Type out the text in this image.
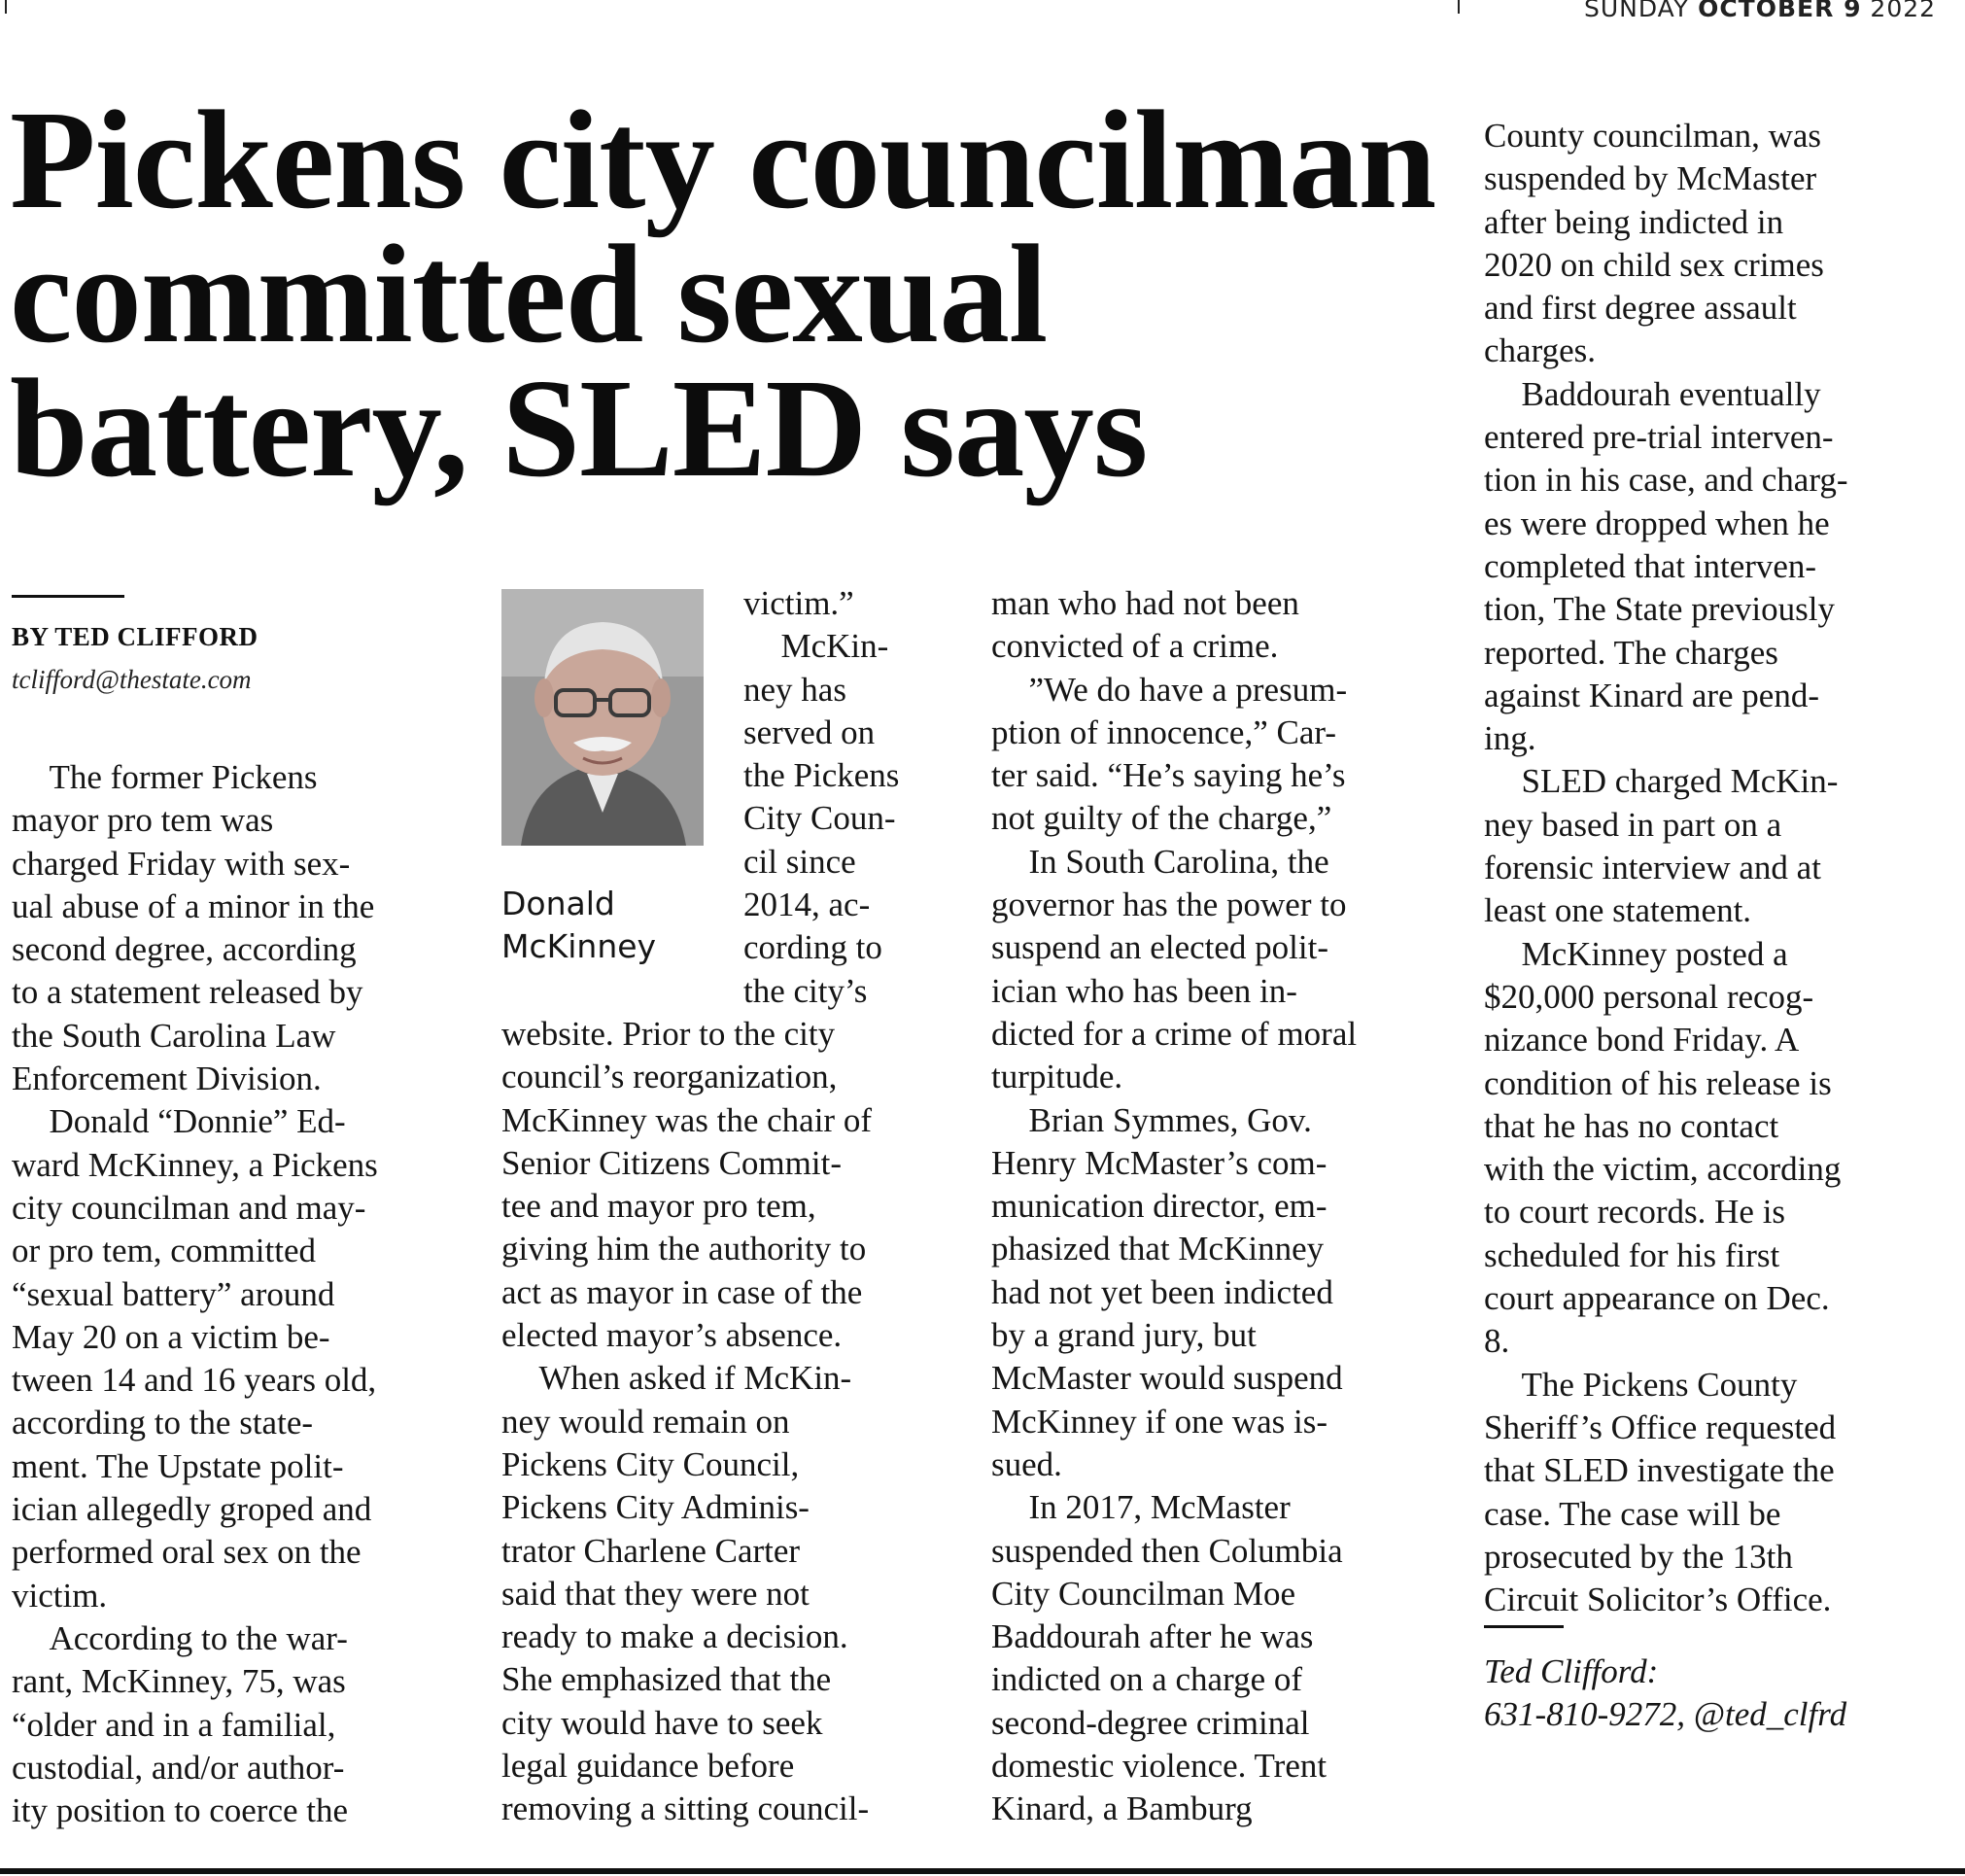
SUNDAY OCTOBER 9 2022
Pickens city councilman
committed sexual
battery, SLED says

BY TED CLIFFORD

tclifford@thestate.com

The former Pickens
mayor pro tem was
charged Friday with sex-
ual abuse of a minor in the
second degree, according
to a statement released by
the South Carolina Law
Enforcement Division.
Donald “Donnie” Ed-
ward McKinney, a Pickens
city councilman and may-
or pro tem, committed
“sexual battery” around
May 20 on a victim be-
tween 14 and 16 years old,
according to the state-
ment. The Upstate polit-
ician allegedly groped and
performed oral sex on the
victim.
According to the war-
rant, McKinney, 75, was
“older and in a familial,
custodial, and/or author-
ity position to coerce the
Donald
McKinney
victim.”
McKin-
ney has
served on
the Pickens
City Coun-
cil since
2014, ac-
cording to
the city’s
website. Prior to the city
council’s reorganization,
McKinney was the chair of
Senior Citizens Commit-
tee and mayor pro tem,
giving him the authority to
act as mayor in case of the
elected mayor’s absence.
When asked if McKin-
ney would remain on
Pickens City Council,
Pickens City Adminis-
trator Charlene Carter
said that they were not
ready to make a decision.
She emphasized that the
city would have to seek
legal guidance before
removing a sitting council-
man who had not been
convicted of a crime.
”We do have a presum-
ption of innocence,” Car-
ter said. “He’s saying he’s
not guilty of the charge,”
In South Carolina, the
governor has the power to
suspend an elected polit-
ician who has been in-
dicted for a crime of moral
turpitude.
Brian Symmes, Gov.
Henry McMaster’s com-
munication director, em-
phasized that McKinney
had not yet been indicted
by a grand jury, but
McMaster would suspend
McKinney if one was is-
sued.
In 2017, McMaster
suspended then Columbia
City Councilman Moe
Baddourah after he was
indicted on a charge of
second-degree criminal
domestic violence. Trent
Kinard, a Bamburg
County councilman, was
suspended by McMaster
after being indicted in
2020 on child sex crimes
and first degree assault
charges.
Baddourah eventually
entered pre-trial interven-
tion in his case, and charg-
es were dropped when he
completed that interven-
tion, The State previously
reported. The charges
against Kinard are pend-
ing.
SLED charged McKin-
ney based in part on a
forensic interview and at
least one statement.
McKinney posted a
$20,000 personal recog-
nizance bond Friday. A
condition of his release is
that he has no contact
with the victim, according
to court records. He is
scheduled for his first
court appearance on Dec.
8.
The Pickens County
Sheriff’s Office requested
that SLED investigate the
case. The case will be
prosecuted by the 13th
Circuit Solicitor’s Office.
Ted Clifford:
631-810-9272, @ted_clfrd
